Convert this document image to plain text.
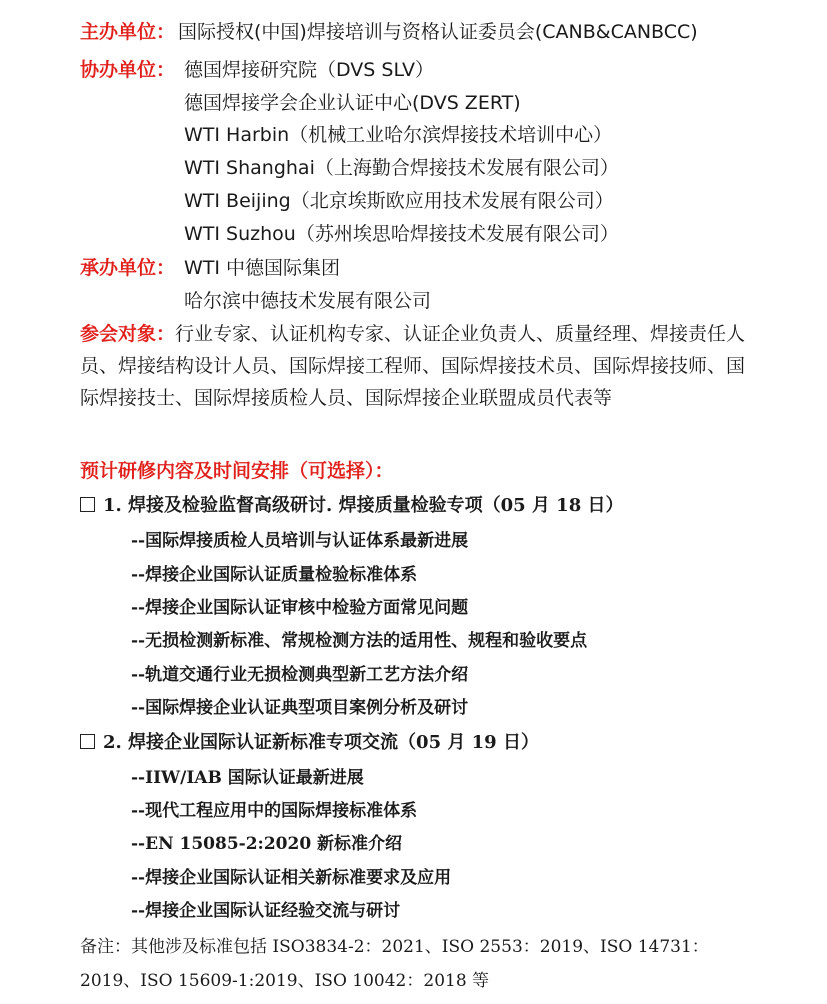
主办单位： 国际授权(中国)焊接培训与资格认证委员会(CANB&CANBCC)
协办单位： 德国焊接研究院（DVS SLV）
德国焊接学会企业认证中心(DVS ZERT)
WTI Harbin（机械工业哈尔滨焊接技术培训中心）
WTI Shanghai（上海勤合焊接技术发展有限公司）
WTI Beijing（北京埃斯欧应用技术发展有限公司）
WTI Suzhou（苏州埃思哈焊接技术发展有限公司）
承办单位： WTI 中德国际集团
哈尔滨中德技术发展有限公司
参会对象：行业专家、认证机构专家、认证企业负责人、质量经理、焊接责任人员、焊接结构设计人员、国际焊接工程师、国际焊接技术员、国际焊接技师、国际焊接技士、国际焊接质检人员、国际焊接企业联盟成员代表等
预计研修内容及时间安排（可选择）：
1. 焊接及检验监督高级研讨. 焊接质量检验专项（05 月 18 日）
--国际焊接质检人员培训与认证体系最新进展
--焊接企业国际认证质量检验标准体系
--焊接企业国际认证审核中检验方面常见问题
--无损检测新标准、常规检测方法的适用性、规程和验收要点
--轨道交通行业无损检测典型新工艺方法介绍
--国际焊接企业认证典型项目案例分析及研讨
2. 焊接企业国际认证新标准专项交流（05 月 19 日）
--IIW/IAB 国际认证最新进展
--现代工程应用中的国际焊接标准体系
--EN 15085-2:2020 新标准介绍
--焊接企业国际认证相关新标准要求及应用
--焊接企业国际认证经验交流与研讨
备注：其他涉及标准包括 ISO3834-2：2021、ISO 2553：2019、ISO 14731：2019、ISO 15609-1:2019、ISO 10042：2018 等
